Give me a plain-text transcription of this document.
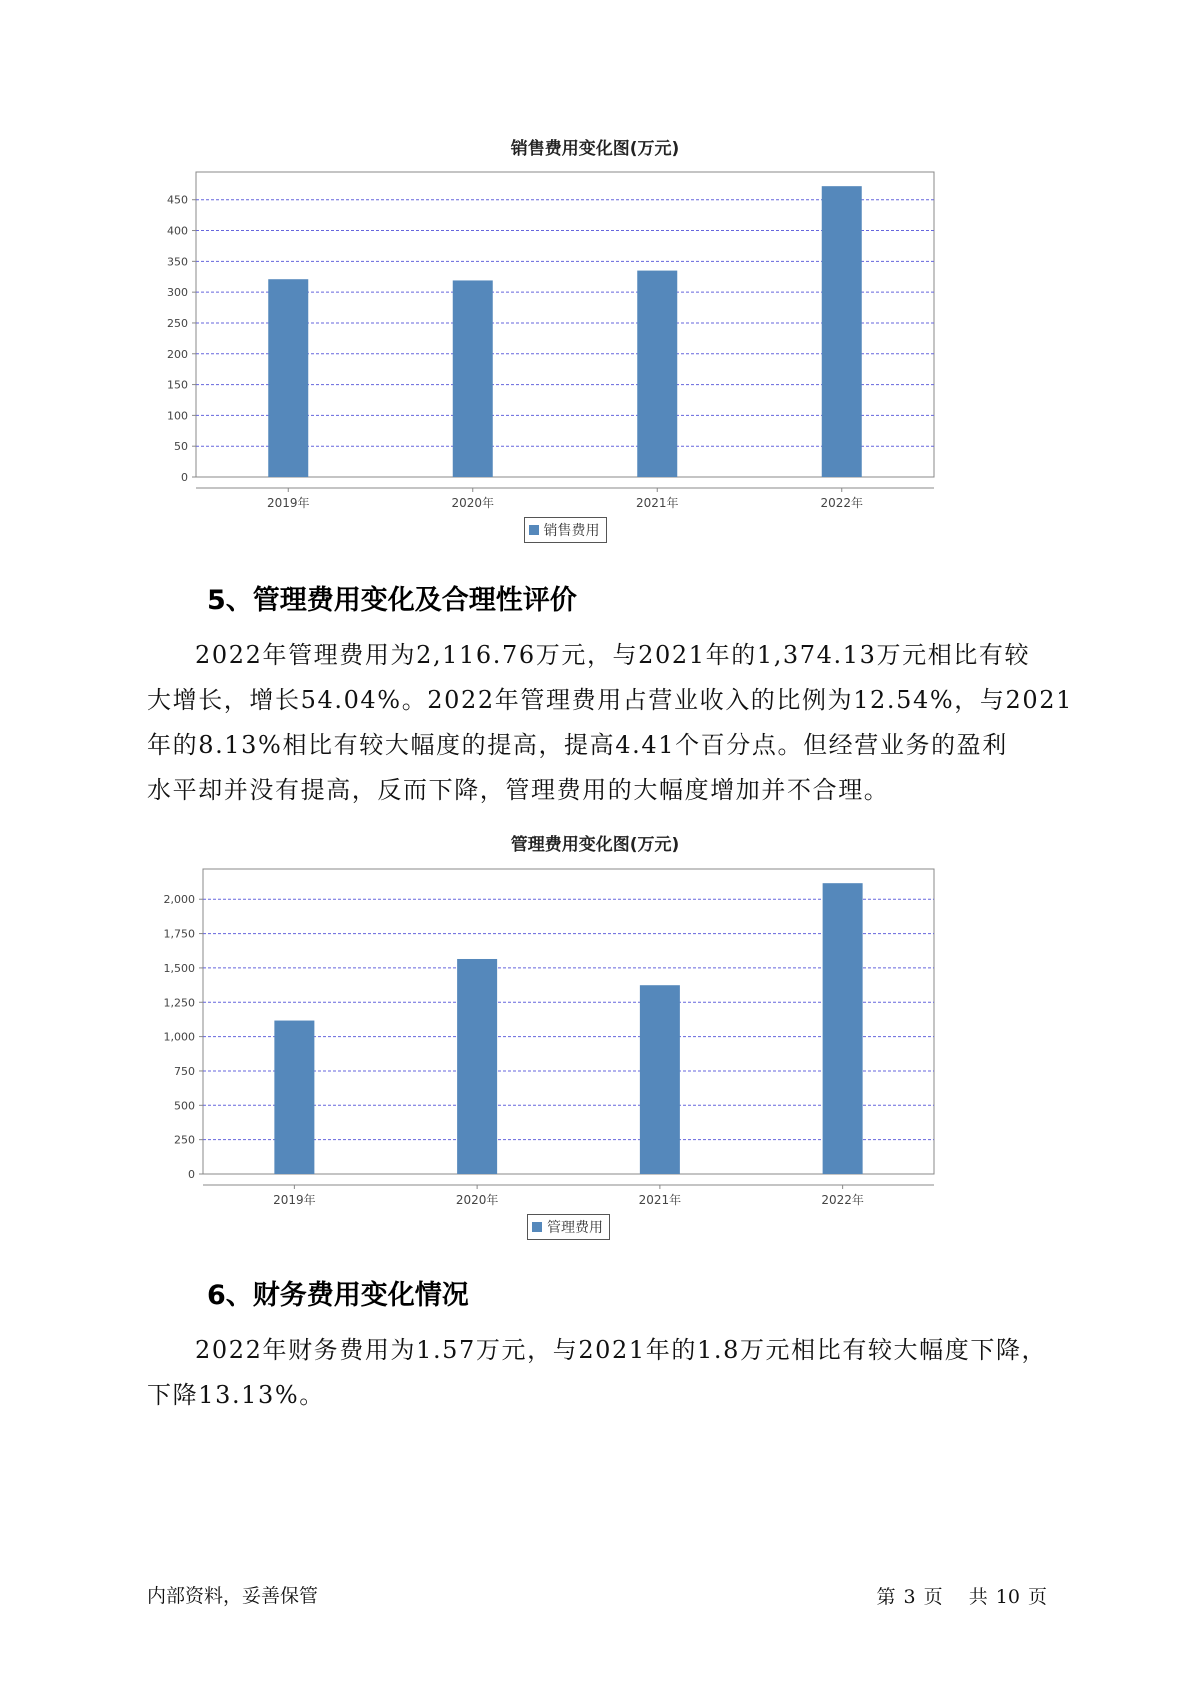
销售费用变化图(万元)
0
50
100
150
200
250
300
350
400
450
2019年	2020年	2021年	2022年
销售费用
5、管理费用变化及合理性评价
2022年管理费用为2,116.76万元，与2021年的1,374.13万元相比有较
大增长，增长54.04%。2022年管理费用占营业收入的比例为12.54%，与2021
年的8.13%相比有较大幅度的提高，提高4.41个百分点。但经营业务的盈利
水平却并没有提高，反而下降，管理费用的大幅度增加并不合理。
管理费用变化图(万元)
0
250
500
750
1,000
1,250
1,500
1,750
2,000
2019年	2020年	2021年	2022年
管理费用
6、财务费用变化情况
2022年财务费用为1.57万元，与2021年的1.8万元相比有较大幅度下降，
下降13.13%。
内部资料，妥善保管	第 3 页 共 10 页
